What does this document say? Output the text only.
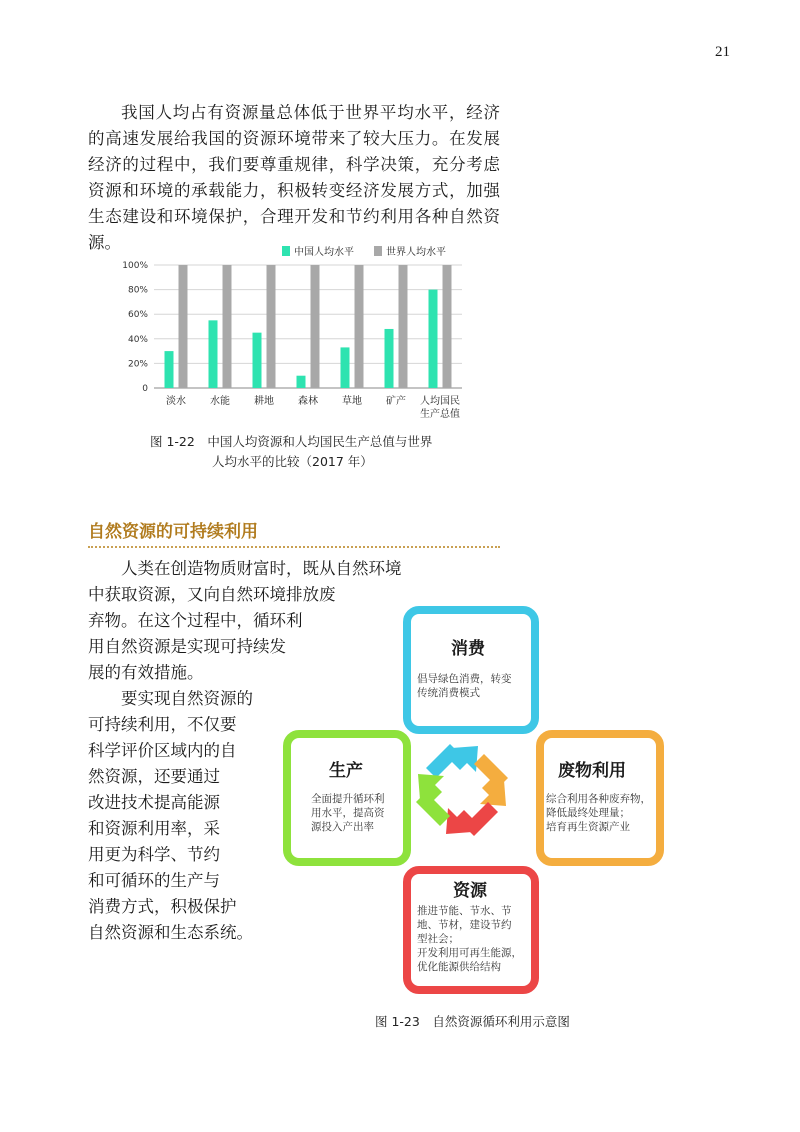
21

我国人均占有资源量总体低于世界平均水平，经济的高速发展给我国的资源环境带来了较大压力。在发展经济的过程中，我们要尊重规律，科学决策，充分考虑资源和环境的承载能力，积极转变经济发展方式，加强生态建设和环境保护，合理开发和节约利用各种自然资源。

0
20%
40%
60%
80%
100%
淡水 水能 耕地 森林 草地 矿产 人均国民
生产总值
中国人均水平	世界人均水平
图 1-22　中国人均资源和人均国民生产总值与世界
人均水平的比较（2017 年）
自然资源的可持续利用
人类在创造物质财富时，既从自然环境
中获取资源，又向自然环境排放废
弃物。在这个过程中，循环利
用自然资源是实现可持续发
展的有效措施。
要实现自然资源的
可持续利用，不仅要
科学评价区域内的自
然资源，还要通过
改进技术提高能源
和资源利用率，采
用更为科学、节约
和可循环的生产与
消费方式，积极保护
自然资源和生态系统。
消费
倡导绿色消费，转变
传统消费模式
生产
全面提升循环利
用水平，提高资
源投入产出率
废物利用
综合利用各种废弃物，
降低最终处理量；
培育再生资源产业
资源
推进节能、节水、节
地、节材，建设节约
型社会；
开发利用可再生能源，
优化能源供给结构
图 1-23　自然资源循环利用示意图
